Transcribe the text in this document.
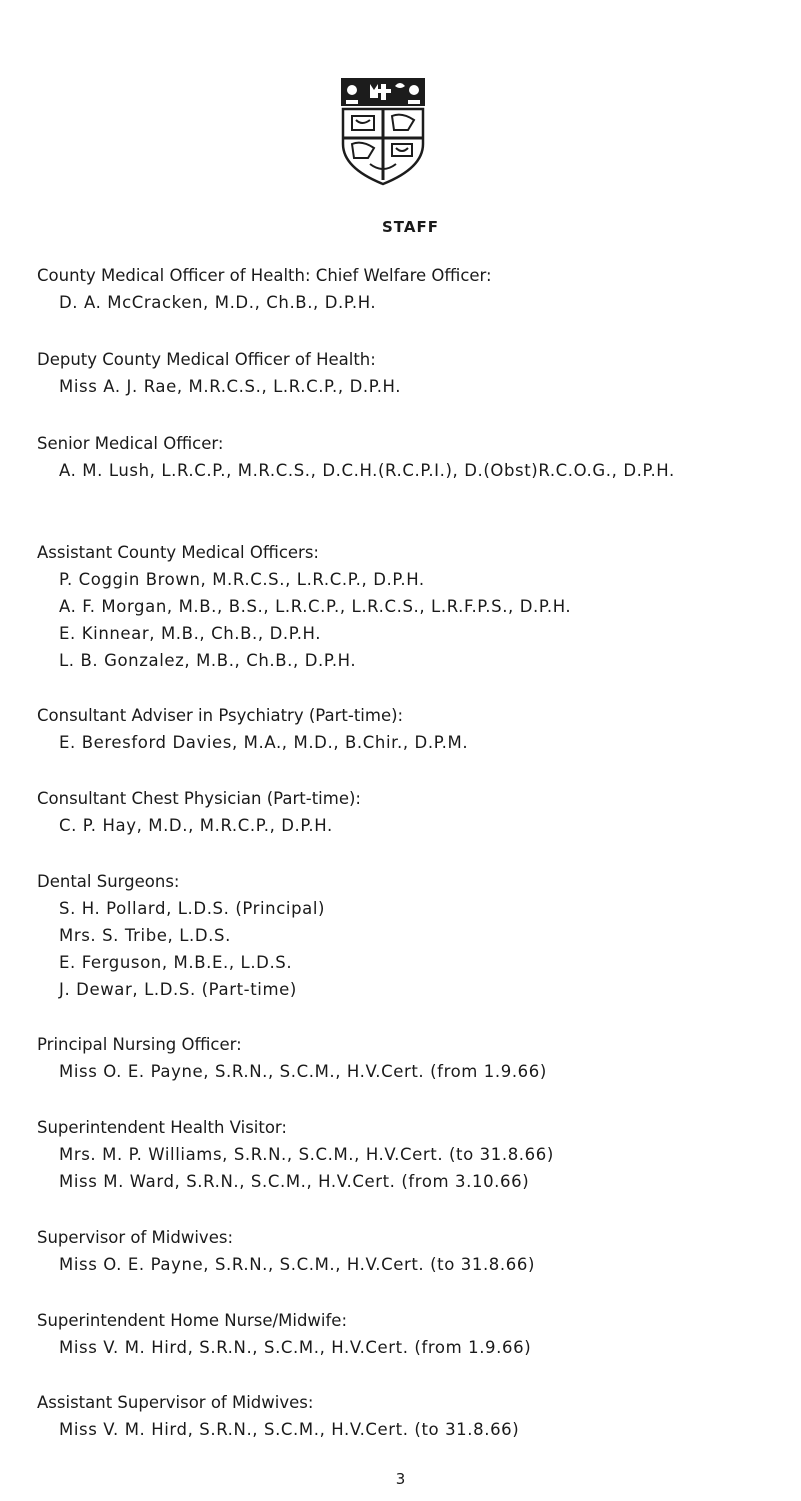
STAFF
County Medical Officer of Health: Chief Welfare Officer:
D. A. McCracken, M.D., Ch.B., D.P.H.
Deputy County Medical Officer of Health:
Miss A. J. Rae, M.R.C.S., L.R.C.P., D.P.H.
Senior Medical Officer:
A. M. Lush, L.R.C.P., M.R.C.S., D.C.H.(R.C.P.I.), D.(Obst)R.C.O.G., D.P.H.
Assistant County Medical Officers:
P. Coggin Brown, M.R.C.S., L.R.C.P., D.P.H.
A. F. Morgan, M.B., B.S., L.R.C.P., L.R.C.S., L.R.F.P.S., D.P.H.
E. Kinnear, M.B., Ch.B., D.P.H.
L. B. Gonzalez, M.B., Ch.B., D.P.H.
Consultant Adviser in Psychiatry (Part-time):
E. Beresford Davies, M.A., M.D., B.Chir., D.P.M.
Consultant Chest Physician (Part-time):
C. P. Hay, M.D., M.R.C.P., D.P.H.
Dental Surgeons:
S. H. Pollard, L.D.S. (Principal)
Mrs. S. Tribe, L.D.S.
E. Ferguson, M.B.E., L.D.S.
J. Dewar, L.D.S. (Part-time)
Principal Nursing Officer:
Miss O. E. Payne, S.R.N., S.C.M., H.V.Cert. (from 1.9.66)
Superintendent Health Visitor:
Mrs. M. P. Williams, S.R.N., S.C.M., H.V.Cert. (to 31.8.66)
Miss M. Ward, S.R.N., S.C.M., H.V.Cert. (from 3.10.66)
Supervisor of Midwives:
Miss O. E. Payne, S.R.N., S.C.M., H.V.Cert. (to 31.8.66)
Superintendent Home Nurse/Midwife:
Miss V. M. Hird, S.R.N., S.C.M., H.V.Cert. (from 1.9.66)
Assistant Supervisor of Midwives:
Miss V. M. Hird, S.R.N., S.C.M., H.V.Cert. (to 31.8.66)
3
